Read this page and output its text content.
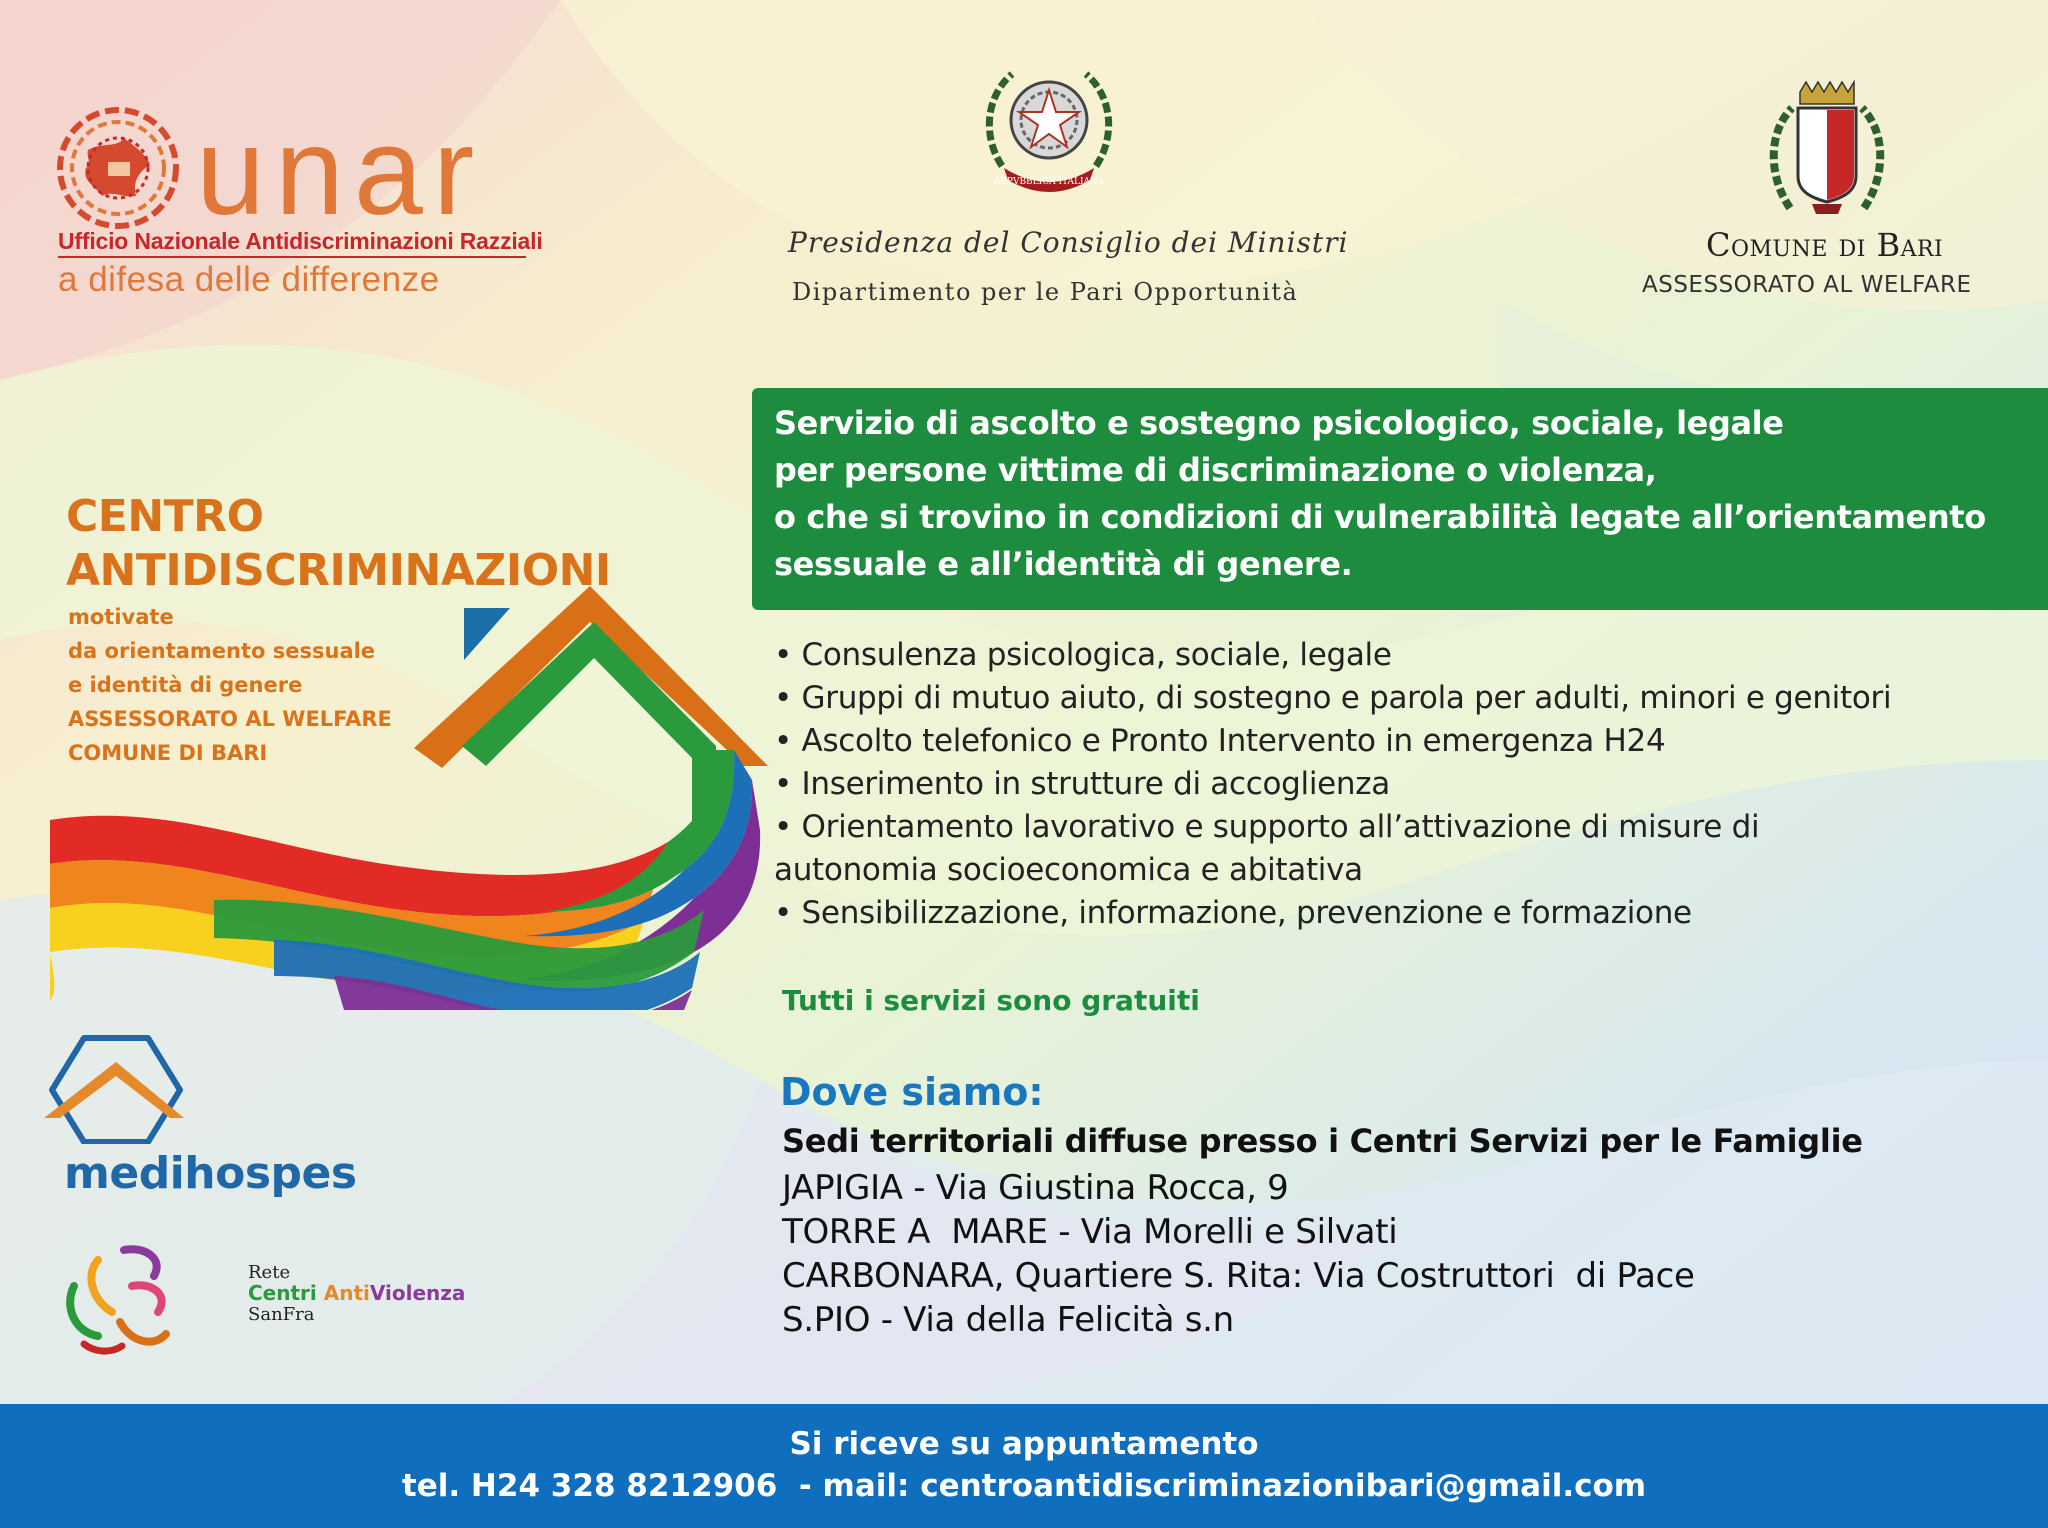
unar
Ufficio Nazionale Antidiscriminazioni Razziali
a difesa delle differenze
REPVBBLICA ITALIANA
Presidenza del Consiglio dei Ministri
Dipartimento per le Pari Opportunità
Comune di Bari
ASSESSORATO AL WELFARE
CENTRO
ANTIDISCRIMINAZIONI
motivate
da orientamento sessuale
e identità di genere
ASSESSORATO AL WELFARE
COMUNE DI BARI
Servizio di ascolto e sostegno psicologico, sociale, legale
per persone vittime di discriminazione o violenza,
o che si trovino in condizioni di vulnerabilità legate all’orientamento
sessuale e all’identità di genere.
• Consulenza psicologica, sociale, legale
• Gruppi di mutuo aiuto, di sostegno e parola per adulti, minori e genitori
• Ascolto telefonico e Pronto Intervento in emergenza H24
• Inserimento in strutture di accoglienza
• Orientamento lavorativo e supporto all’attivazione di misure di
autonomia socioeconomica e abitativa
• Sensibilizzazione, informazione, prevenzione e formazione
Tutti i servizi sono gratuiti
Dove siamo:
Sedi territoriali diffuse presso i Centri Servizi per le Famiglie
JAPIGIA - Via Giustina Rocca, 9
TORRE A  MARE - Via Morelli e Silvati
CARBONARA, Quartiere S. Rita: Via Costruttori  di Pace
S.PIO - Via della Felicità s.n
medihospes
Rete
Centri AntiViolenza
SanFra
Si riceve su appuntamento
tel. H24 328 8212906  - mail: centroantidiscriminazionibari@gmail.com
